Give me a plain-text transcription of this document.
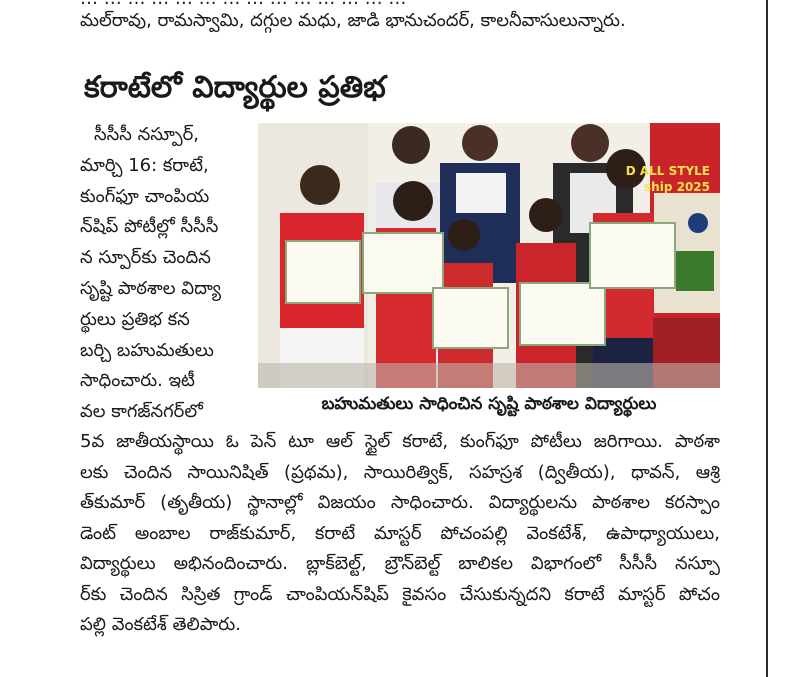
మల్‌రావు, రామస్వామి, దగ్గుల మధు, జాడి భానుచందర్, కాలనీవాసులున్నారు.
కరాటేలో విద్యార్థుల ప్రతిభ
సీసీసీ నస్పూర్,
మార్చి 16: కరాటే,
కుంగ్‌ఫూ చాంపియ
న్‌షిప్ పోటీల్లో సీసీసీ
న స్పూర్‌కు చెందిన
సృష్టి పాఠశాల విద్యా
ర్థులు ప్రతిభ కన
బర్చి బహుమతులు
సాధించారు. ఇటీ
వల కాగజ్‌నగర్‌లో
D ALL STYLE
ship 2025
బహుమతులు సాధించిన సృష్టి పాఠశాల విద్యార్థులు
5వ జాతీయస్థాయి ఓ పెన్ టూ ఆల్ స్టైల్ కరాటే, కుంగ్‌ఫూ పోటీలు జరిగాయి. పాఠశా
లకు చెందిన సాయినిషిత్ (ప్రథమ), సాయిరిత్విక్, సహస్రశ (ద్వితీయ), ధావన్, ఆశ్రి
త్‌కుమార్ (తృతీయ) స్థానాల్లో విజయం సాధించారు. విద్యార్థులను పాఠశాల కరస్పాం
డెంట్ అంబాల రాజ్‌కుమార్, కరాటే మాస్టర్ పోచంపల్లి వెంకటేశ్, ఉపాధ్యాయులు,
విద్యార్థులు అభినందించారు. బ్లాక్‌బెల్ట్, బ్రౌన్‌బెల్ట్ బాలికల విభాగంలో సీసీసీ నస్పూ
ర్‌కు చెందిన సిస్రిత గ్రాండ్ చాంపియన్‌షిప్ కైవసం చేసుకున్నదని కరాటే మాస్టర్ పోచం
పల్లి వెంకటేశ్ తెలిపారు.
